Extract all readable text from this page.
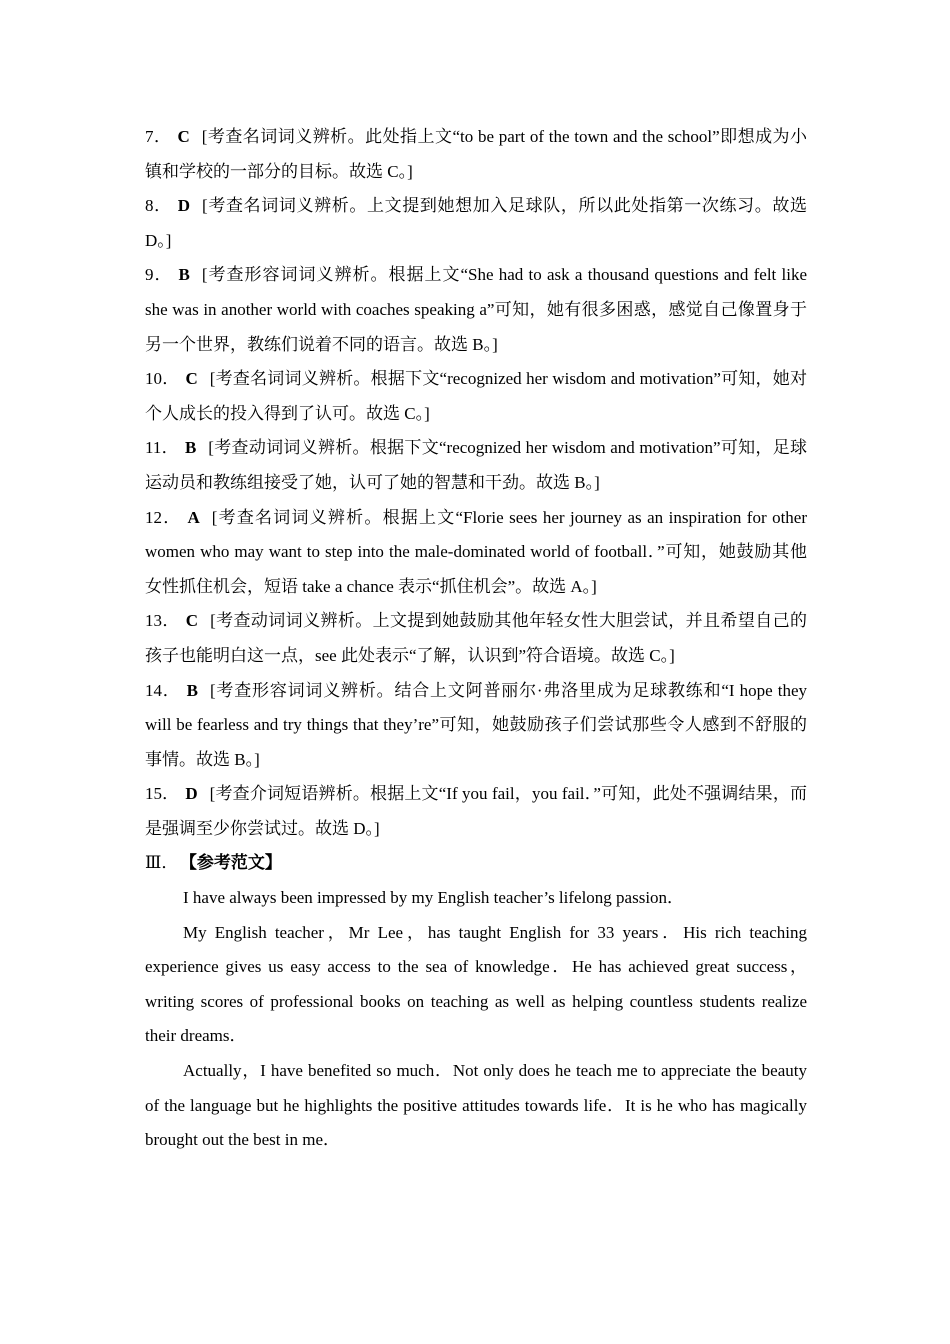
7． C [考查名词词义辨析。此处指上文“to be part of the town and the school”即想成为小镇和学校的一部分的目标。故选 C。]

8． D [考查名词词义辨析。上文提到她想加入足球队，所以此处指第一次练习。故选 D。]

9． B [考查形容词词义辨析。根据上文“She had to ask a thousand questions and felt like she was in another world with coaches speaking a”可知，她有很多困惑，感觉自己像置身于另一个世界，教练们说着不同的语言。故选 B。]

10． C [考查名词词义辨析。根据下文“recognized her wisdom and motivation”可知，她对个人成长的投入得到了认可。故选 C。]

11． B [考查动词词义辨析。根据下文“recognized her wisdom and motivation”可知，足球运动员和教练组接受了她，认可了她的智慧和干劲。故选 B。]

12． A [考查名词词义辨析。根据上文“Florie sees her journey as an inspiration for other women who may want to step into the male-dominated world of football．”可知，她鼓励其他女性抓住机会，短语 take a chance 表示“抓住机会”。故选 A。]

13． C [考查动词词义辨析。上文提到她鼓励其他年轻女性大胆尝试，并且希望自己的孩子也能明白这一点，see 此处表示“了解，认识到”符合语境。故选 C。]

14． B [考查形容词词义辨析。结合上文阿普丽尔·弗洛里成为足球教练和“I hope they will be fearless and try things that they’re”可知，她鼓励孩子们尝试那些令人感到不舒服的事情。故选 B。]

15． D [考查介词短语辨析。根据上文“If you fail，you fail．”可知，此处不强调结果，而是强调至少你尝试过。故选 D。]

Ⅲ． 【参考范文】

I have always been impressed by my English teacher’s lifelong passion．

My English teacher，Mr Lee，has taught English for 33 years．His rich teaching experience gives us easy access to the sea of knowledge．He has achieved great success，writing scores of professional books on teaching as well as helping countless students realize their dreams．

Actually，I have benefited so much．Not only does he teach me to appreciate the beauty of the language but he highlights the positive attitudes towards life．It is he who has magically brought out the best in me．
